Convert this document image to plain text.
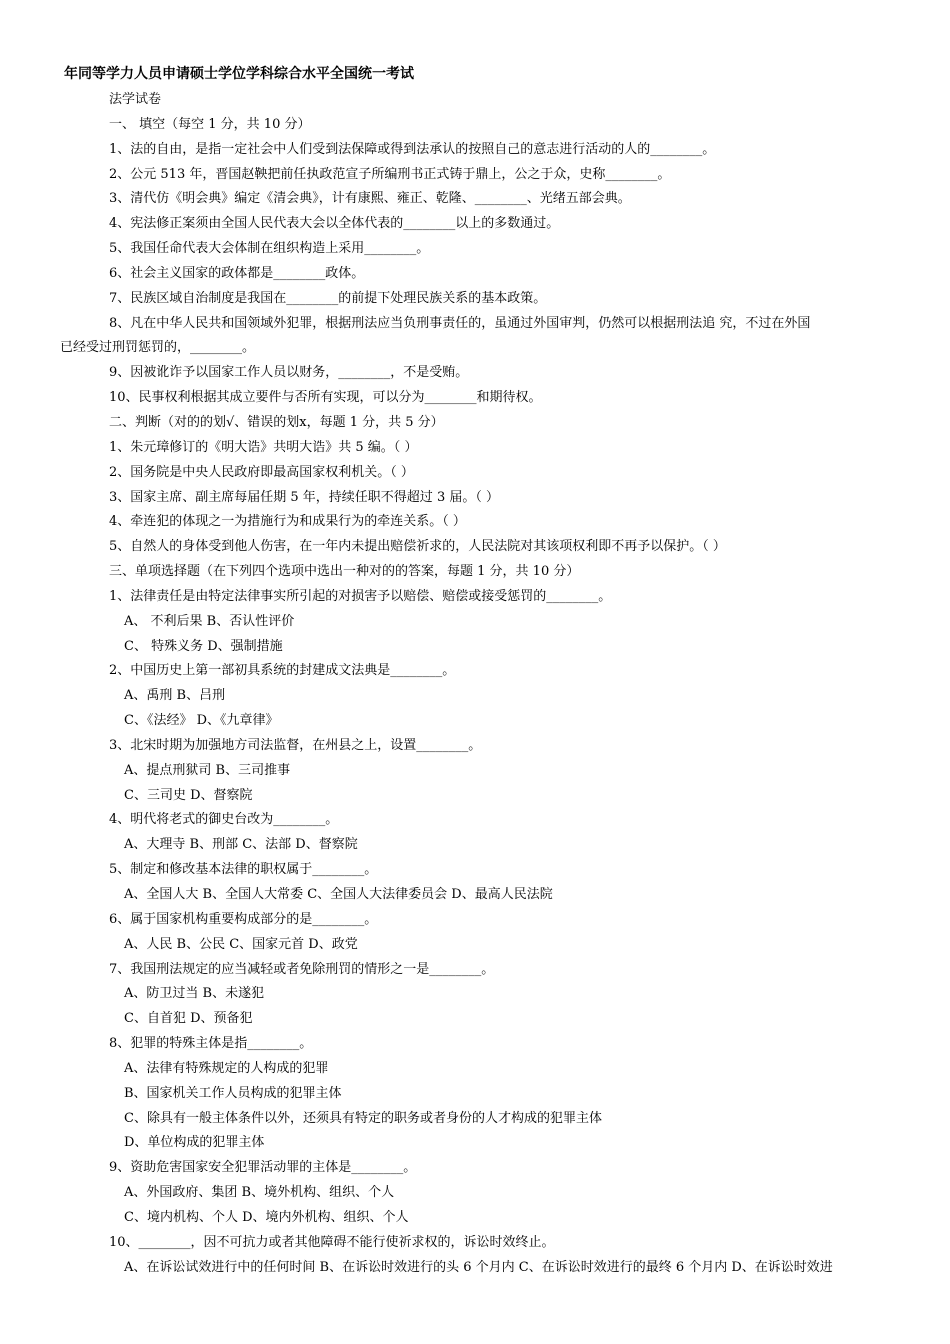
年同等学力人员申请硕士学位学科综合水平全国统一考试
法学试卷
一、 填空（每空 1 分，共 10 分）
1、法的自由，是指一定社会中人们受到法保障或得到法承认的按照自己的意志进行活动的人的________。
2、公元 513 年，晋国赵鞅把前任执政范宣子所编刑书正式铸于鼎上，公之于众，史称________。
3、清代仿《明会典》编定《清会典》，计有康熙、雍正、乾隆、________、光绪五部会典。
4、宪法修正案须由全国人民代表大会以全体代表的________以上的多数通过。
5、我国任命代表大会体制在组织构造上采用________。
6、社会主义国家的政体都是________政体。
7、民族区域自治制度是我国在________的前提下处理民族关系的基本政策。
8、凡在中华人民共和国领域外犯罪，根据刑法应当负刑事责任的，虽通过外国审判，仍然可以根据刑法追 究，不过在外国
已经受过刑罚惩罚的，________。
9、因被讹诈予以国家工作人员以财务，________，不是受贿。
10、民事权利根据其成立要件与否所有实现，可以分为________和期待权。
二、判断（对的的划√、错误的划x，每题 1 分，共 5 分）
1、朱元璋修订的《明大诰》共明大诰》共 5 编。（ ）
2、国务院是中央人民政府即最高国家权利机关。（ ）
3、国家主席、副主席每届任期 5 年，持续任职不得超过 3 届。（ ）
4、牵连犯的体现之一为措施行为和成果行为的牵连关系。（ ）
5、自然人的身体受到他人伤害，在一年内未提出赔偿祈求的，人民法院对其该项权利即不再予以保护。（ ）
三、单项选择题（在下列四个选项中选出一种对的的答案，每题 1 分，共 10 分）
1、法律责任是由特定法律事实所引起的对损害予以赔偿、赔偿或接受惩罚的________。
A、 不利后果 B、否认性评价
C、 特殊义务 D、强制措施
2、中国历史上第一部初具系统的封建成文法典是________。
A、禹刑 B、吕刑
C、《法经》 D、《九章律》
3、北宋时期为加强地方司法监督，在州县之上，设置________。
A、提点刑狱司 B、三司推事
C、三司史 D、督察院
4、明代将老式的御史台改为________。
A、大理寺 B、刑部 C、法部 D、督察院
5、制定和修改基本法律的职权属于________。
A、全国人大 B、全国人大常委 C、全国人大法律委员会 D、最高人民法院
6、属于国家机构重要构成部分的是________。
A、人民 B、公民 C、国家元首 D、政党
7、我国刑法规定的应当减轻或者免除刑罚的情形之一是________。
A、防卫过当 B、未遂犯
C、自首犯 D、预备犯
8、犯罪的特殊主体是指________。
A、法律有特殊规定的人构成的犯罪
B、国家机关工作人员构成的犯罪主体
C、除具有一般主体条件以外，还须具有特定的职务或者身份的人才构成的犯罪主体
D、单位构成的犯罪主体
9、资助危害国家安全犯罪活动罪的主体是________。
A、外国政府、集团 B、境外机构、组织、个人
C、境内机构、个人 D、境内外机构、组织、个人
10、________，因不可抗力或者其他障碍不能行使祈求权的，诉讼时效终止。
A、在诉讼试效进行中的任何时间 B、在诉讼时效进行的头 6 个月内 C、在诉讼时效进行的最终 6 个月内 D、在诉讼时效进
